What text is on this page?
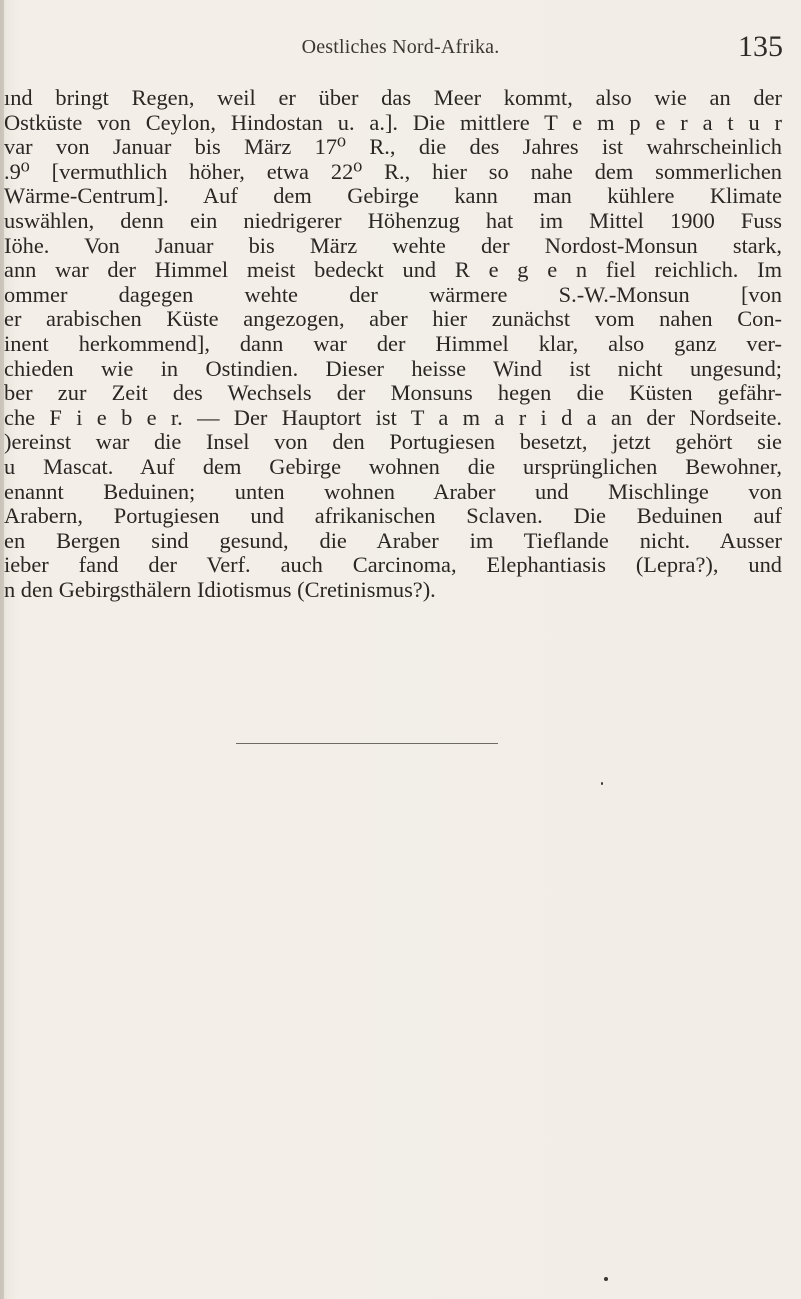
Oestliches Nord-Afrika.	135
ınd bringt Regen, weil er über das Meer kommt, also wie an der
Ostküste von Ceylon, Hindostan u. a.]. Die mittlere T e m p e r a t u r
var von Januar bis März 17⁰ R., die des Jahres ist wahrscheinlich
.9⁰ [vermuthlich höher, etwa 22⁰ R., hier so nahe dem sommerlichen
Wärme-Centrum]. Auf dem Gebirge kann man kühlere Klimate
uswählen, denn ein niedrigerer Höhenzug hat im Mittel 1900 Fuss
Iöhe. Von Januar bis März wehte der Nordost-Monsun stark,
ann war der Himmel meist bedeckt und R e g e n fiel reichlich. Im
ommer dagegen wehte der wärmere S.-W.-Monsun [von
er arabischen Küste angezogen, aber hier zunächst vom nahen Con-
inent herkommend], dann war der Himmel klar, also ganz ver-
chieden wie in Ostindien. Dieser heisse Wind ist nicht ungesund;
ber zur Zeit des Wechsels der Monsuns hegen die Küsten gefähr-
che F i e b e r. — Der Hauptort ist T a m a r i d a an der Nordseite.
)ereinst war die Insel von den Portugiesen besetzt, jetzt gehört sie
u Mascat. Auf dem Gebirge wohnen die ursprünglichen Bewohner,
enannt Beduinen; unten wohnen Araber und Mischlinge von
Arabern, Portugiesen und afrikanischen Sclaven. Die Beduinen auf
en Bergen sind gesund, die Araber im Tieflande nicht. Ausser
ieber fand der Verf. auch Carcinoma, Elephantiasis (Lepra?), und
n den Gebirgsthälern Idiotismus (Cretinismus?).
